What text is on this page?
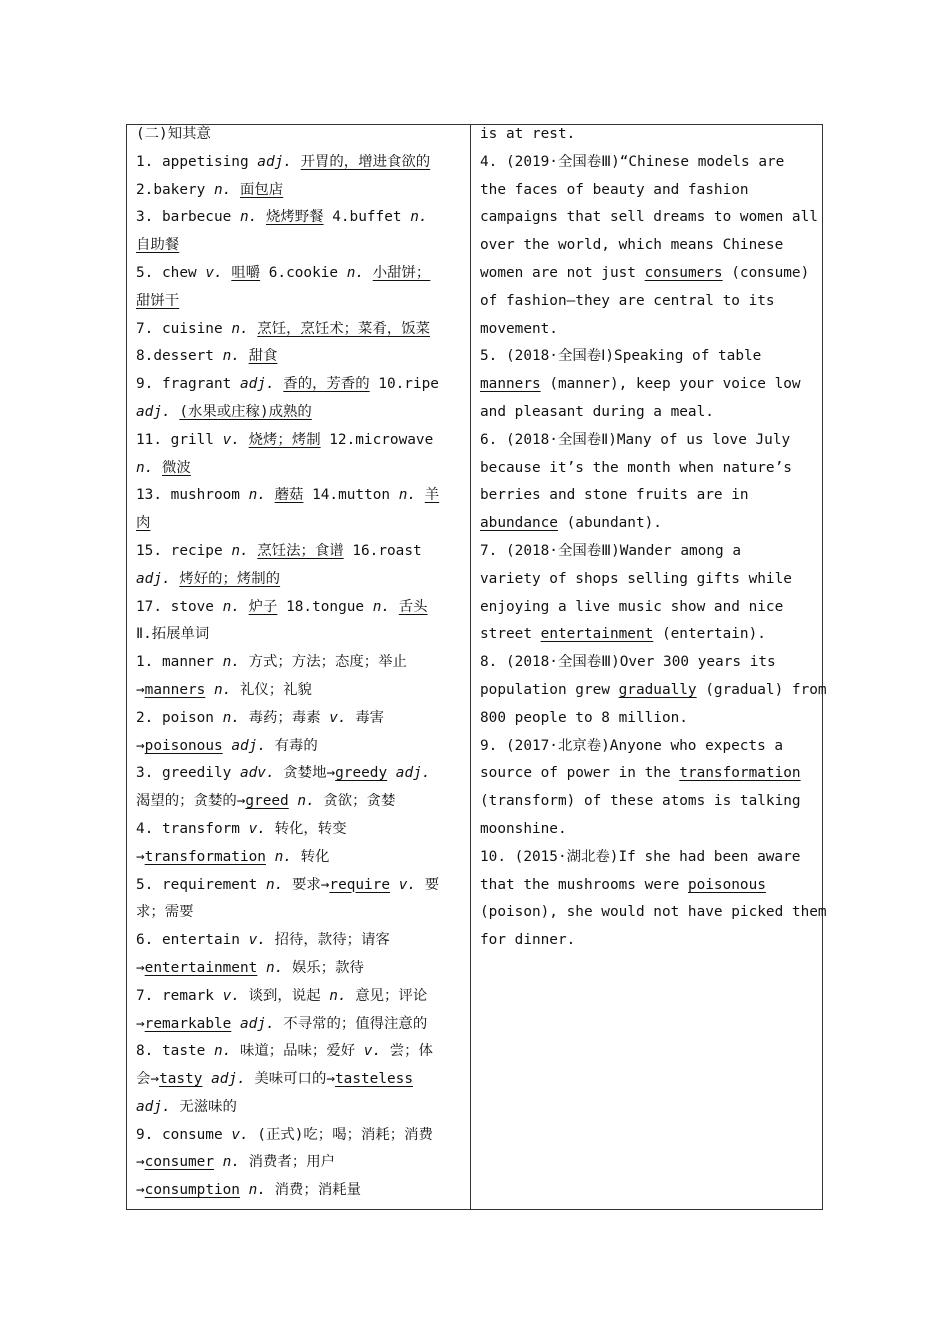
(二)知其意
1. appetising adj. 开胃的，增进食欲的
2.bakery n. 面包店
3. barbecue n. 烧烤野餐 4.buffet n.
自助餐
5. chew v. 咀嚼 6.cookie n. 小甜饼；
甜饼干
7. cuisine n. 烹饪，烹饪术；菜肴，饭菜
8.dessert n. 甜食
9. fragrant adj. 香的，芳香的 10.ripe
adj. (水果或庄稼)成熟的
11. grill v. 烧烤；烤制 12.microwave
n. 微波
13. mushroom n. 蘑菇 14.mutton n. 羊
肉
15. recipe n. 烹饪法；食谱 16.roast
adj. 烤好的；烤制的
17. stove n. 炉子 18.tongue n. 舌头
Ⅱ.拓展单词
1. manner n. 方式；方法；态度；举止
→manners n. 礼仪；礼貌
2. poison n. 毒药；毒素 v. 毒害
→poisonous adj. 有毒的
3. greedily adv. 贪婪地→greedy adj.
渴望的；贪婪的→greed n. 贪欲；贪婪
4. transform v. 转化，转变
→transformation n. 转化
5. requirement n. 要求→require v. 要
求；需要
6. entertain v. 招待，款待；请客
→entertainment n. 娱乐；款待
7. remark v. 谈到，说起 n. 意见；评论
→remarkable adj. 不寻常的；值得注意的
8. taste n. 味道；品味；爱好 v. 尝；体
会→tasty adj. 美味可口的→tasteless
adj. 无滋味的
9. consume v. (正式)吃；喝；消耗；消费
→consumer n. 消费者；用户
→consumption n. 消费；消耗量
is at rest.
4. (2019·全国卷Ⅲ)“Chinese models are
the faces of beauty and fashion
campaigns that sell dreams to women all
over the world, which means Chinese
women are not just consumers (consume)
of fashion—they are central to its
movement.
5. (2018·全国卷Ⅰ)Speaking of table
manners (manner), keep your voice low
and pleasant during a meal.
6. (2018·全国卷Ⅱ)Many of us love July
because it’s the month when nature’s
berries and stone fruits are in
abundance (abundant).
7. (2018·全国卷Ⅲ)Wander among a
variety of shops selling gifts while
enjoying a live music show and nice
street entertainment (entertain).
8. (2018·全国卷Ⅲ)Over 300 years its
population grew gradually (gradual) from
800 people to 8 million.
9. (2017·北京卷)Anyone who expects a
source of power in the transformation
(transform) of these atoms is talking
moonshine.
10. (2015·湖北卷)If she had been aware
that the mushrooms were poisonous
(poison), she would not have picked them
for dinner.
